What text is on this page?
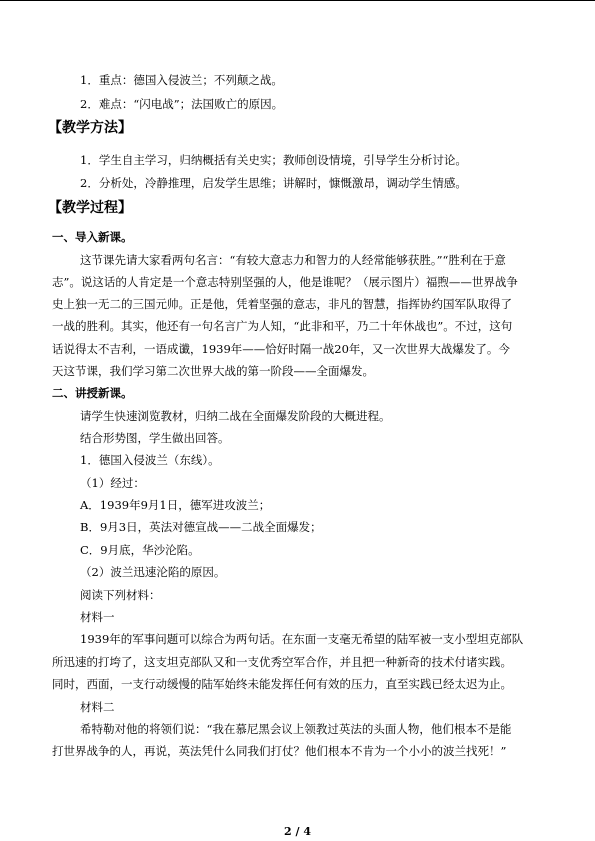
1．重点：德国入侵波兰；不列颠之战。
2．难点：“闪电战”；法国败亡的原因。
【教学方法】
1．学生自主学习，归纳概括有关史实；教师创设情境，引导学生分析讨论。
2．分析处，冷静推理，启发学生思维；讲解时，慷慨激昂，调动学生情感。
【教学过程】
一、导入新课。
这节课先请大家看两句名言：“有较大意志力和智力的人经常能够获胜。”“胜利在于意
志”。说这话的人肯定是一个意志特别坚强的人，他是谁呢？（展示图片）福煦——世界战争
史上独一无二的三国元帅。正是他，凭着坚强的意志，非凡的智慧，指挥协约国军队取得了
一战的胜利。其实，他还有一句名言广为人知，“此非和平，乃二十年休战也”。不过，这句
话说得太不吉利，一语成谶，1939年——恰好时隔一战20年，又一次世界大战爆发了。今
天这节课，我们学习第二次世界大战的第一阶段——全面爆发。
二、讲授新课。
请学生快速浏览教材，归纳二战在全面爆发阶段的大概进程。
结合形势图，学生做出回答。
1．德国入侵波兰（东线）。
（1）经过：
A．1939年9月1日，德军进攻波兰；
B．9月3日，英法对德宣战——二战全面爆发；
C．9月底，华沙沦陷。
（2）波兰迅速沦陷的原因。
阅读下列材料：
材料一
1939年的军事问题可以综合为两句话。在东面一支毫无希望的陆军被一支小型坦克部队
所迅速的打垮了，这支坦克部队又和一支优秀空军合作，并且把一种新奇的技术付诸实践。
同时，西面，一支行动缓慢的陆军始终未能发挥任何有效的压力，直至实践已经太迟为止。
材料二
希特勒对他的将领们说：“我在慕尼黑会议上领教过英法的头面人物，他们根本不是能
打世界战争的人，再说，英法凭什么同我们打仗？他们根本不肯为一个小小的波兰找死！”
2 / 4
